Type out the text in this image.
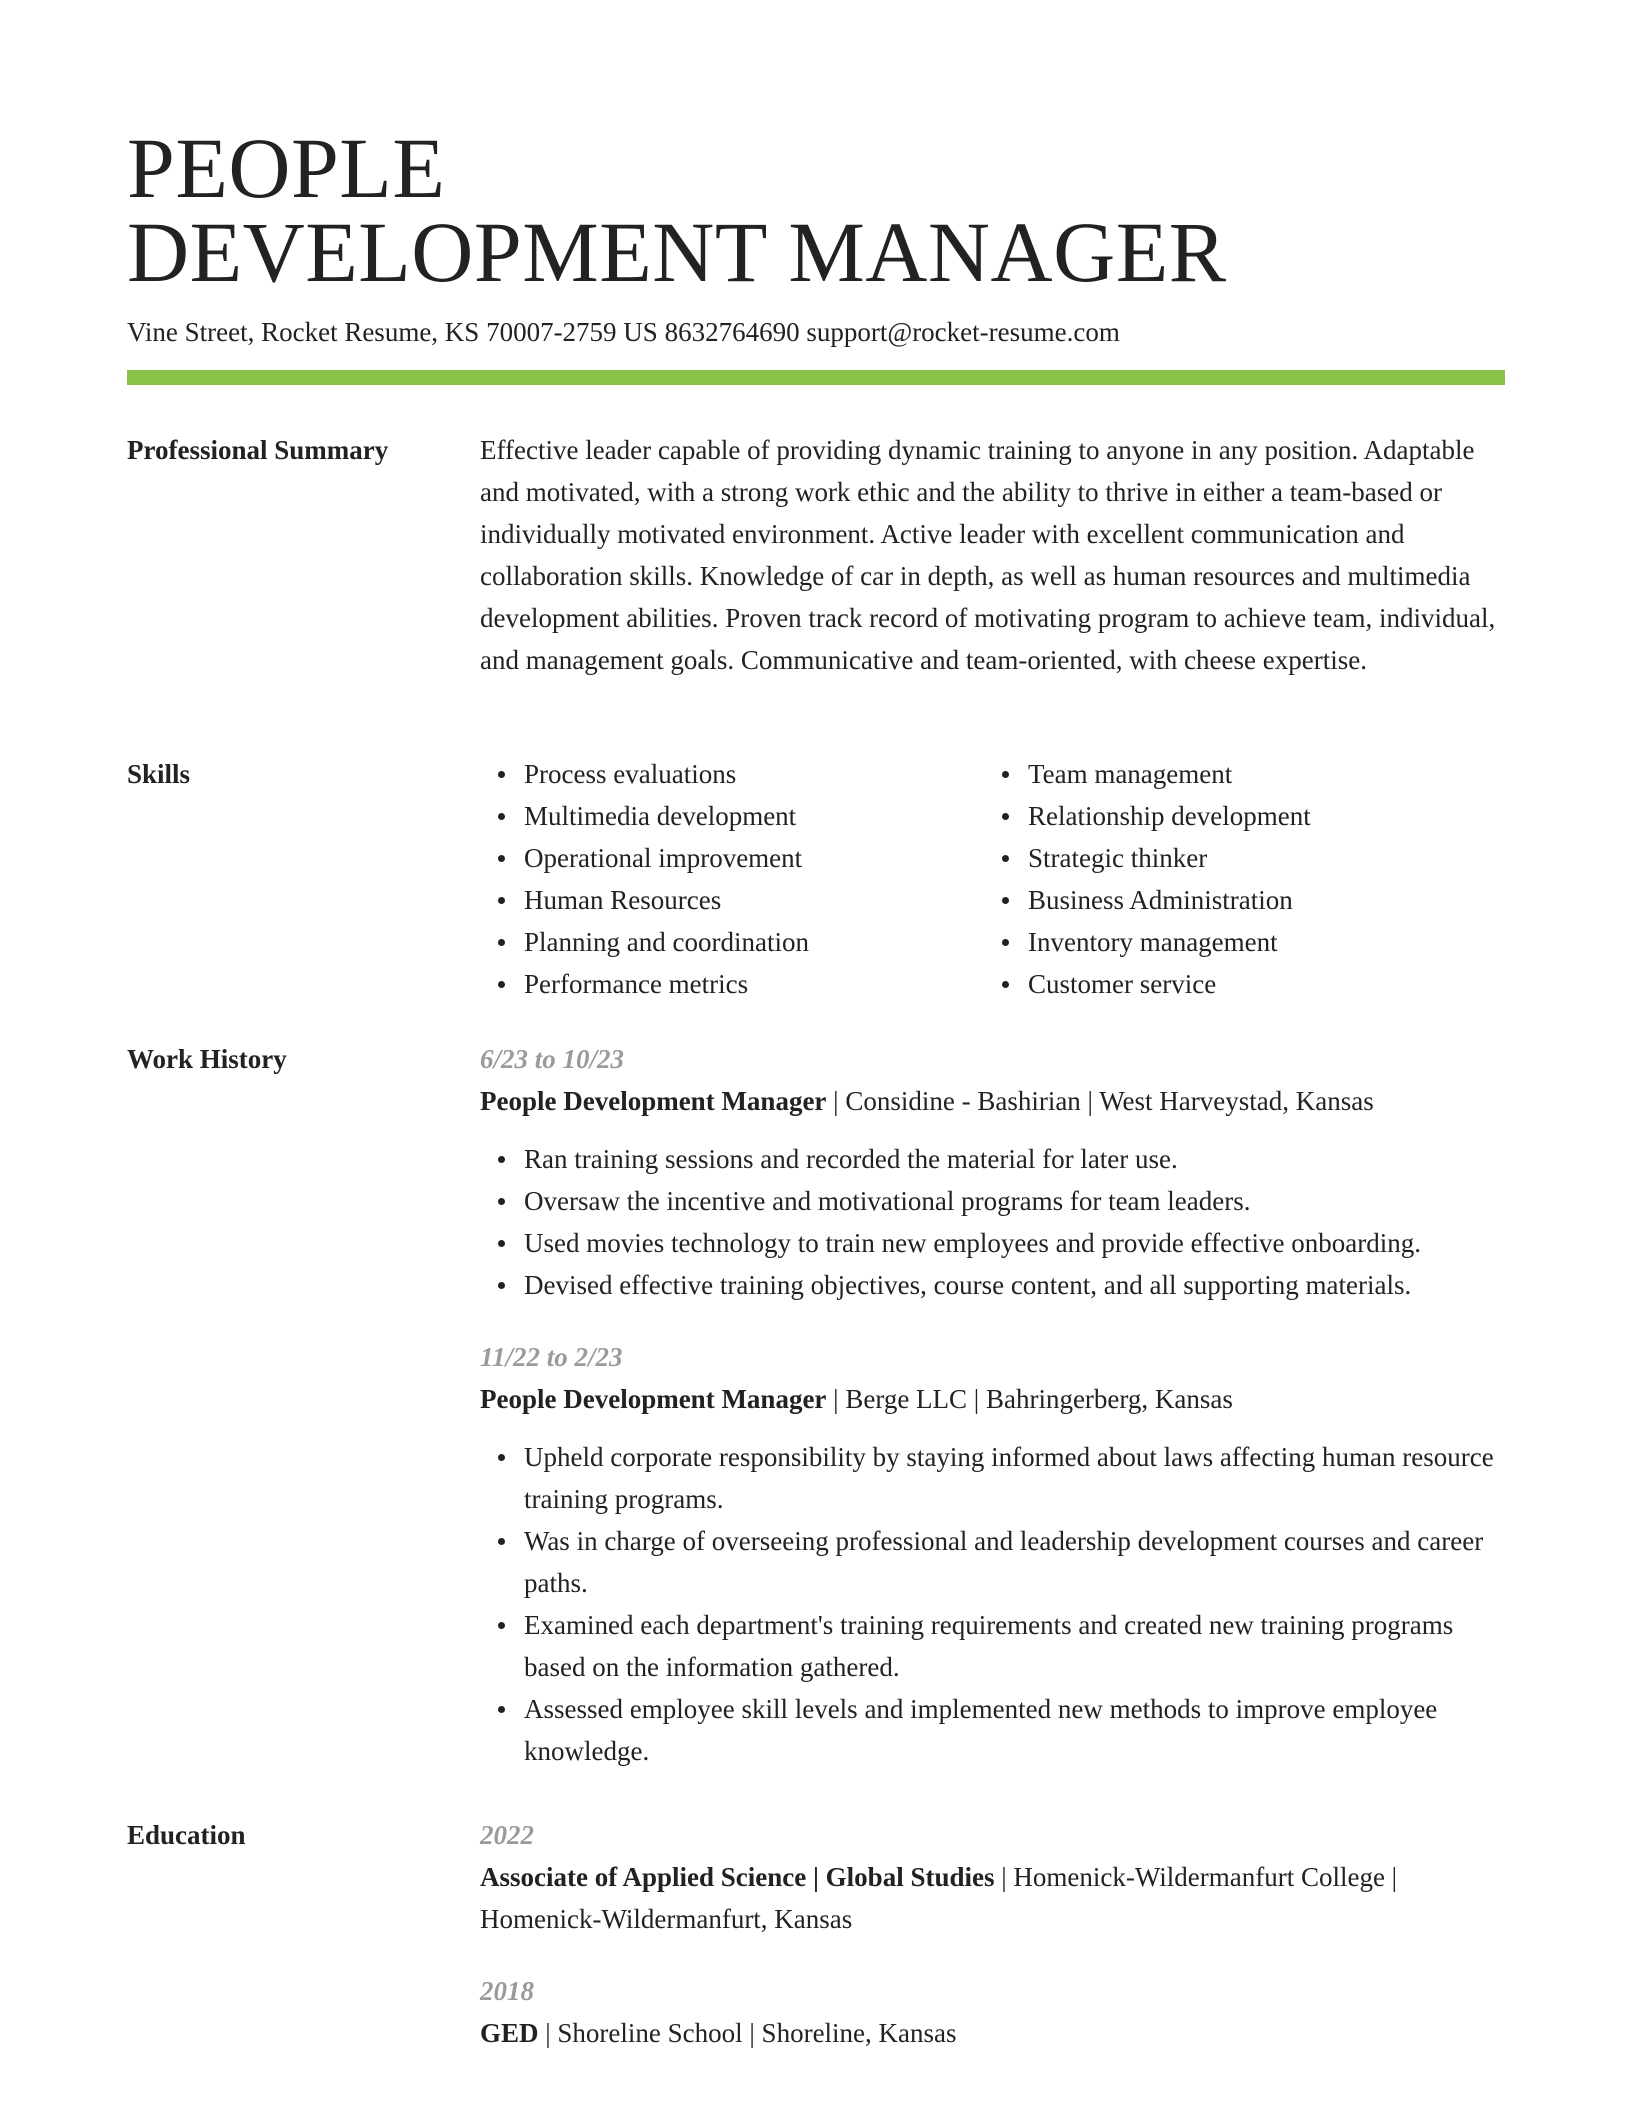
PEOPLE
DEVELOPMENT MANAGER
Vine Street, Rocket Resume, KS 70007-2759 US 8632764690 support@rocket-resume.com
Professional Summary	Effective leader capable of providing dynamic training to anyone in any position. Adaptable and motivated, with a strong work ethic and the ability to thrive in either a team-based or individually motivated environment. Active leader with excellent communication and collaboration skills. Knowledge of car in depth, as well as human resources and multimedia development abilities. Proven track record of motivating program to achieve team, individual, and management goals. Communicative and team-oriented, with cheese expertise.

Skills	Process evaluations
Multimedia development
Operational improvement
Human Resources
Planning and coordination
Performance metrics
Team management
Relationship development
Strategic thinker
Business Administration
Inventory management
Customer service
Work History	6/23 to 10/23
People Development Manager | Considine - Bashirian | West Harveystad, Kansas
Ran training sessions and recorded the material for later use.
Oversaw the incentive and motivational programs for team leaders.
Used movies technology to train new employees and provide effective onboarding.
Devised effective training objectives, course content, and all supporting materials.
11/22 to 2/23
People Development Manager | Berge LLC | Bahringerberg, Kansas
Upheld corporate responsibility by staying informed about laws affecting human resource training programs.
Was in charge of overseeing professional and leadership development courses and career paths.
Examined each department's training requirements and created new training programs based on the information gathered.
Assessed employee skill levels and implemented new methods to improve employee knowledge.
Education	2022
Associate of Applied Science | Global Studies | Homenick-Wildermanfurt College | Homenick-Wildermanfurt, Kansas
2018
GED | Shoreline School | Shoreline, Kansas
